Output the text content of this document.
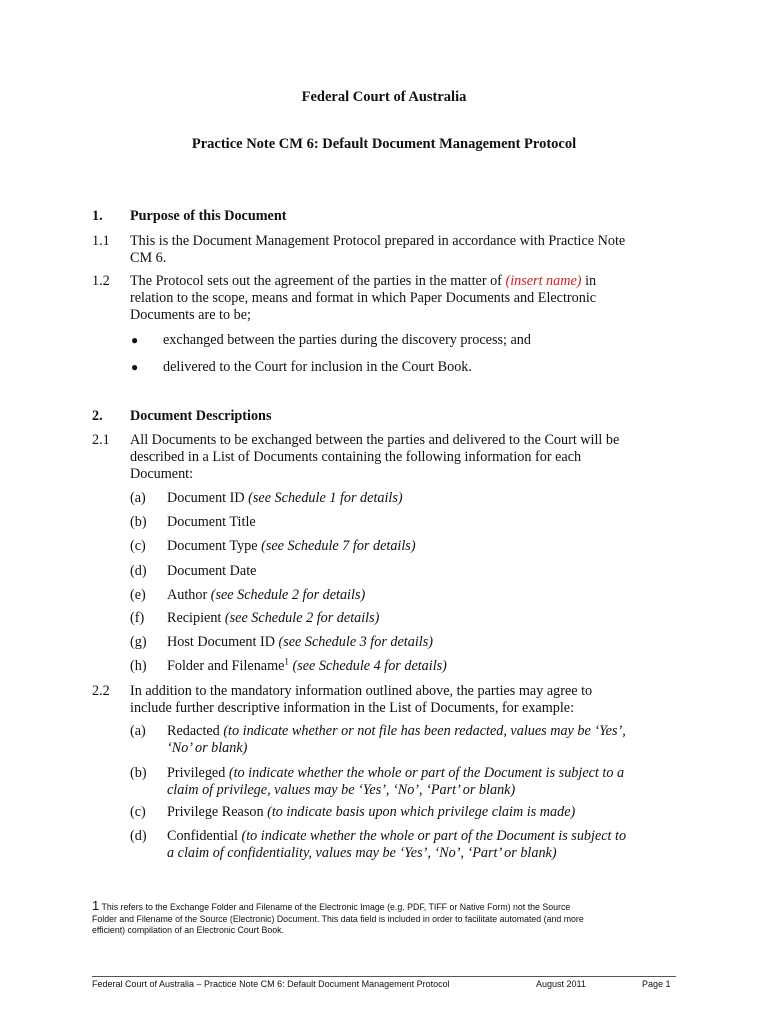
Federal Court of Australia
Practice Note CM 6: Default Document Management Protocol
1.	Purpose of this Document
1.1	This is the Document Management Protocol prepared in accordance with Practice Note
CM 6.
1.2	The Protocol sets out the agreement of the parties in the matter of (insert name) in
relation to the scope, means and format in which Paper Documents and Electronic
Documents are to be;
●	exchanged between the parties during the discovery process; and
●	delivered to the Court for inclusion in the Court Book.
2.	Document Descriptions
2.1	All Documents to be exchanged between the parties and delivered to the Court will be
described in a List of Documents containing the following information for each
Document:
(a)	Document ID (see Schedule 1 for details)
(b)	Document Title
(c)	Document Type (see Schedule 7 for details)
(d)	Document Date
(e)	Author (see Schedule 2 for details)
(f)	Recipient (see Schedule 2 for details)
(g)	Host Document ID (see Schedule 3 for details)
(h)	Folder and Filename$^1$ (see Schedule 4 for details)
2.2	In addition to the mandatory information outlined above, the parties may agree to
include further descriptive information in the List of Documents, for example:
(a)	Redacted (to indicate whether or not file has been redacted, values may be ‘Yes’,
‘No’ or blank)
(b)	Privileged (to indicate whether the whole or part of the Document is subject to a
claim of privilege, values may be ‘Yes’, ‘No’, ‘Part’ or blank)
(c)	Privilege Reason (to indicate basis upon which privilege claim is made)
(d)	Confidential (to indicate whether the whole or part of the Document is subject to
a claim of confidentiality, values may be ‘Yes’, ‘No’, ‘Part’ or blank)
1 This refers to the Exchange Folder and Filename of the Electronic Image (e.g. PDF, TIFF or Native Form) not the Source
Folder and Filename of the Source (Electronic) Document. This data field is included in order to facilitate automated (and more
efficient) compilation of an Electronic Court Book.
Federal Court of Australia – Practice Note CM 6: Default Document Management Protocol	August 2011	Page 1
